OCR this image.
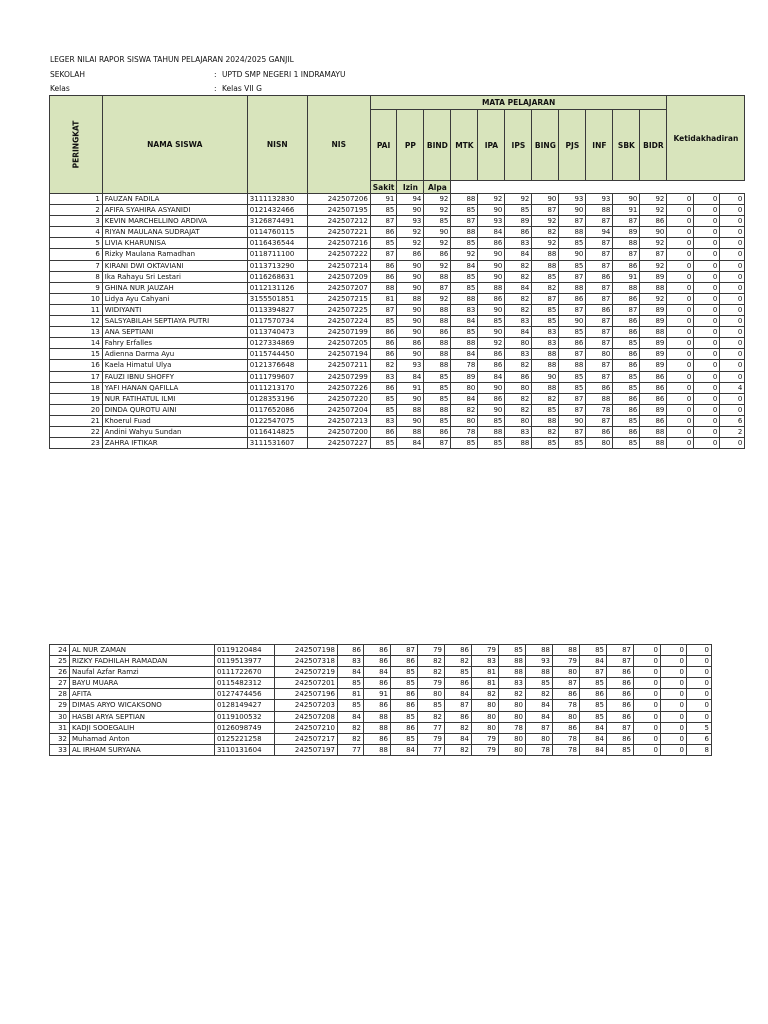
LEGER NILAI RAPOR SISWA TAHUN PELAJARAN 2024/2025 GANJIL
SEKOLAH	: UPTD SMP NEGERI 1 INDRAMAYU
Kelas	: Kelas VII G
PERINGKAT	NAMA SISWA	NISN	NIS	MATA PELAJARAN											Ketidakhadiran		
				PAI	PP	BIND	MTK	IPA	IPS	BING	PJS	INF	SBK	BIDR			
				Sakit	Izin	Alpa											
1	FAUZAN FADILA	3111132830	242507206	91	94	92	88	92	92	90	93	93	90	92	0	0	0
2	AFIFA SYAHIRA ASYANIDI	0121432466	242507195	85	90	92	85	90	85	87	90	88	91	92	0	0	0
3	KEVIN MARCHELLINO ARDIVA	3126874491	242507212	87	93	85	87	93	89	92	87	87	87	86	0	0	0
4	RIYAN MAULANA SUDRAJAT	0114760115	242507221	86	92	90	88	84	86	82	88	94	89	90	0	0	0
5	LIVIA KHARUNISA	0116436544	242507216	85	92	92	85	86	83	92	85	87	88	92	0	0	0
6	Rizky Maulana Ramadhan	0118711100	242507222	87	86	86	92	90	84	88	90	87	87	87	0	0	0
7	KIRANI DWI OKTAVIANI	0113713290	242507214	86	90	92	84	90	82	88	85	87	86	92	0	0	0
8	Ika Rahayu Sri Lestari	0116268631	242507209	86	90	88	85	90	82	85	87	86	91	89	0	0	0
9	GHINA NUR JAUZAH	0112131126	242507207	88	90	87	85	88	84	82	88	87	88	88	0	0	0
10	Lidya Ayu Cahyani	3155501851	242507215	81	88	92	88	86	82	87	86	87	86	92	0	0	0
11	WIDIYANTI	0113394827	242507225	87	90	88	83	90	82	85	87	86	87	89	0	0	0
12	SALSYABILAH SEPTIAYA PUTRI	0117570734	242507224	85	90	88	84	85	83	85	90	87	86	89	0	0	0
13	ANA SEPTIANI	0113740473	242507199	86	90	86	85	90	84	83	85	87	86	88	0	0	0
14	Fahry Erfalles	0127334869	242507205	86	86	88	88	92	80	83	86	87	85	89	0	0	0
15	Adienna Darma Ayu	0115744450	242507194	86	90	88	84	86	83	88	87	80	86	89	0	0	0
16	Kaela Himatul Ulya	0121376648	242507211	82	93	88	78	86	82	88	88	87	86	89	0	0	0
17	FAUZI IBNU SHOFFY	0111799607	242507299	83	84	85	89	84	86	90	85	87	85	86	0	0	0
18	YAFI HANAN QAFILLA	0111213170	242507226	86	91	85	80	90	80	88	85	86	85	86	0	0	4
19	NUR FATIHATUL ILMI	0128353196	242507220	85	90	85	84	86	82	82	87	88	86	86	0	0	0
20	DINDA QUROTU AINI	0117652086	242507204	85	88	88	82	90	82	85	87	78	86	89	0	0	0
21	Khoerul Fuad	0122547075	242507213	83	90	85	80	85	80	88	90	87	85	86	0	0	6
22	Andini Wahyu Sundan	0116414825	242507200	86	88	86	78	88	83	82	87	86	86	88	0	0	2
23	ZAHRA IFTIKAR	3111531607	242507227	85	84	87	85	85	88	85	85	80	85	88	0	0	0
24	AL NUR ZAMAN	0119120484	242507198	86	86	87	79	86	79	85	88	88	85	87	0	0	0
25	RIZKY FADHILAH RAMADAN	0119513977	242507318	83	86	86	82	82	83	88	93	79	84	87	0	0	0
26	Naufal Azfar Ramzi	0111722670	242507219	84	84	85	82	85	81	88	88	80	87	86	0	0	0
27	BAYU MUARA	0115482312	242507201	85	86	85	79	86	81	83	85	87	85	86	0	0	0
28	AFITA	0127474456	242507196	81	91	86	80	84	82	82	82	86	86	86	0	0	0
29	DIMAS ARYO WICAKSONO	0128149427	242507203	85	86	86	85	87	80	80	84	78	85	86	0	0	0
30	HASBI ARYA SEPTIAN	0119100532	242507208	84	88	85	82	86	80	80	84	80	85	86	0	0	0
31	KADJI SOOEGALIH	0126098749	242507210	82	88	86	77	82	80	78	87	86	84	87	0	0	5
32	Muhamad Anton	0125221258	242507217	82	86	85	79	84	79	80	80	78	84	86	0	0	6
33	AL IRHAM SURYANA	3110131604	242507197	77	88	84	77	82	79	80	78	78	84	85	0	0	8
